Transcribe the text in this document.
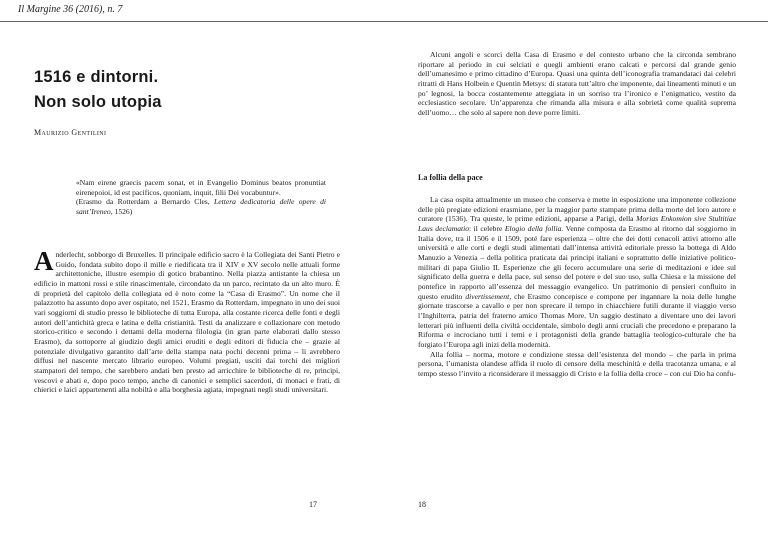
Il Margine 36 (2016), n. 7
1516 e dintorni.
Non solo utopia
Maurizio Gentilini

«Nam eirene graecis pacem sonat, et in Evangelio Dominus beatos pronuntiat eirenepoioi, id est pacificos, quoniam, inquit, filii Dei vocabuntur».

(Erasmo da Rotterdam a Bernardo Cles, Lettera dedicatoria delle opere di sant’Ireneo, 1526)

A nderlecht, sobborgo di Bruxelles. Il principale edificio sacro è la Collegiata dei Santi Pietro e Guido, fondata subito dopo il mille e riedificata tra il XIV e XV secolo nelle attuali forme architettoniche, illustre esempio di gotico brabantino. Nella piazza antistante la chiesa un edificio in mattoni rossi e stile rinascimentale, circondato da un parco, recintato da un alto muro. È di proprietà del capitolo della collegiata ed è noto come la “Casa di Erasmo”. Un nome che il palazzotto ha assunto dopo aver ospitato, nel 1521, Erasmo da Rotterdam, impegnato in uno dei suoi vari soggiorni di studio presso le biblioteche di tutta Europa, alla costante ricerca delle fonti e degli autori dell’antichità greca e latina e della cristianità. Testi da analizzare e collazionare con metodo storico-critico e secondo i dettami della moderna filologia (in gran parte elaborati dallo stesso Erasmo), da sottoporre al giudizio degli amici eruditi e degli editori di fiducia che – grazie al potenziale divulgativo garantito dall’arte della stampa nata pochi decenni prima – li avrebbero diffusi nel nascente mercato librario europeo. Volumi pregiati, usciti dai torchi dei migliori stampatori del tempo, che sarebbero andati ben presto ad arricchire le biblioteche di re, principi, vescovi e abati e, dopo poco tempo, anche di canonici e semplici sacerdoti, di monaci e frati, di chierici e laici appartenenti alla nobiltà e alla borghesia agiata, impegnati negli studi universitari.

17

Alcuni angoli e scorci della Casa di Erasmo e del contesto urbano che la circonda sembrano riportare al periodo in cui selciati e quegli ambienti erano calcati e percorsi dal grande genio dell’umanesimo e primo cittadino d’Europa. Quasi una quinta dell’iconografia tramandataci dai celebri ritratti di Hans Holbein e Quentin Metsys: di statura tutt’altro che imponente, dai lineamenti minuti e un po’ legnosi, la bocca costantemente atteggiata in un sorriso tra l’ironico e l’enigmatico, vestito da ecclesiastico secolare. Un’apparenza che rimanda alla misura e alla sobrietà come qualità suprema dell’uomo… che solo al sapere non deve porre limiti.

La follia della pace

La casa ospita attualmente un museo che conserva e mette in esposizione una imponente collezione delle più pregiate edizioni erasmiane, per la maggior parte stampate prima della morte del loro autore e curatore (1536). Tra queste, le prime edizioni, apparse a Parigi, della Morias Enkomion sive Stultitiae Laus declamatio: il celebre Elogio della follia. Venne composta da Erasmo al ritorno dal soggiorno in Italia dove, tra il 1506 e il 1509, poté fare esperienza – oltre che dei dotti cenacoli attivi attorno alle università e alle corti e degli studi alimentati dall’intensa attività editoriale presso la bottega di Aldo Manuzio a Venezia – della politica praticata dai principi italiani e soprattutto delle iniziative politico-militari di papa Giulio II. Esperienze che gli fecero accumulare una serie di meditazioni e idee sul significato della guerra e della pace, sul senso del potere e del suo uso, sulla Chiesa e la missione del pontefice in rapporto all’essenza del messaggio evangelico. Un patrimonio di pensieri confluito in questo erudito divertissement, che Erasmo concepisce e compone per ingannare la noia delle lunghe giornate trascorse a cavallo e per non sprecare il tempo in chiacchiere futili durante il viaggio verso l’Inghilterra, patria del fraterno amico Thomas More. Un saggio destinato a diventare uno dei lavori letterari più influenti della civiltà occidentale, simbolo degli anni cruciali che precedono e preparano la Riforma e incrociano tutti i temi e i protagonisti della grande battaglia teologico-culturale che ha forgiato l’Europa agli inizi della modernità.

Alla follia – norma, motore e condizione stessa dell’esistenza del mondo – che parla in prima persona, l’umanista olandese affida il ruolo di censore della meschinità e della tracotanza umana, e al tempo stesso l’invito a riconsiderare il messaggio di Cristo e la follia della croce – con cui Dio ha confu-

18
